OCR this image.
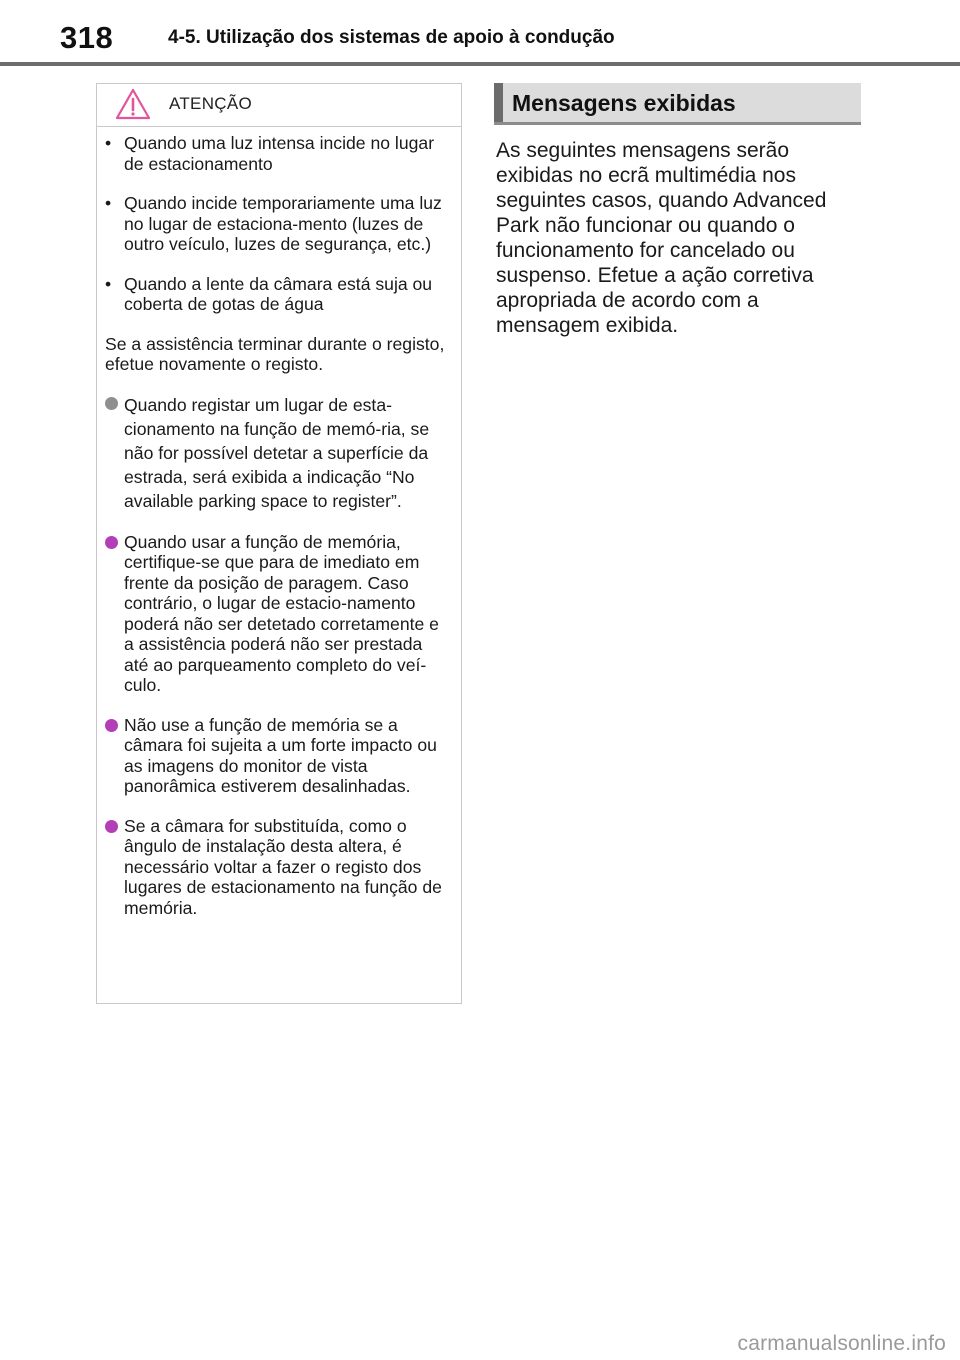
318	4-5. Utilização dos sistemas de apoio à condução
ATENÇÃO
• Quando uma luz intensa incide no lugar de estacionamento
• Quando incide temporariamente uma luz no lugar de estaciona-mento (luzes de outro veículo, luzes de segurança, etc.)
• Quando a lente da câmara está suja ou coberta de gotas de água

Se a assistência terminar durante o registo, efetue novamente o registo.

Quando registar um lugar de esta-cionamento na função de memó-ria, se não for possível detetar a superfície da estrada, será exibida a indicação “No available parking space to register”.
Quando usar a função de memória, certifique-se que para de imediato em frente da posição de paragem. Caso contrário, o lugar de estacio-namento poderá não ser detetado corretamente e a assistência poderá não ser prestada até ao parqueamento completo do veí-culo.
Não use a função de memória se a câmara foi sujeita a um forte impacto ou as imagens do monitor de vista panorâmica estiverem desalinhadas.
Se a câmara for substituída, como o ângulo de instalação desta altera, é necessário voltar a fazer o registo dos lugares de estacionamento na função de memória.
Mensagens exibidas
As seguintes mensagens serão exibidas no ecrã multimédia nos seguintes casos, quando Advanced Park não funcionar ou quando o funcionamento for cancelado ou suspenso. Efetue a ação corretiva apropriada de acordo com a mensagem exibida.
carmanualsonline.info
